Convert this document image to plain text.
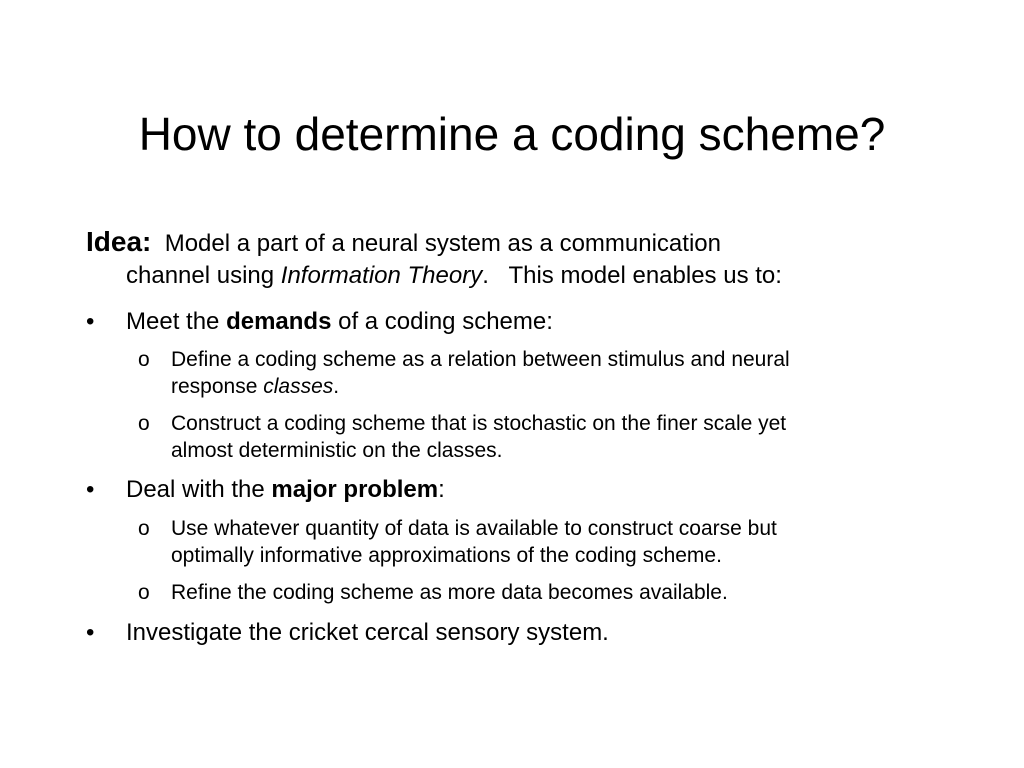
How to determine a coding scheme?
Idea: Model a part of a neural system as a communication
channel using Information Theory.   This model enables us to:
•	Meet the demands of a coding scheme:
o	Define a coding scheme as a relation between stimulus and neural
response classes.
o	Construct a coding scheme that is stochastic on the finer scale yet
almost deterministic on the classes.
•	Deal with the major problem:
o	Use whatever quantity of data is available to construct coarse but
optimally informative approximations of the coding scheme.
o	Refine the coding scheme as more data becomes available.
•	Investigate the cricket cercal sensory system.
